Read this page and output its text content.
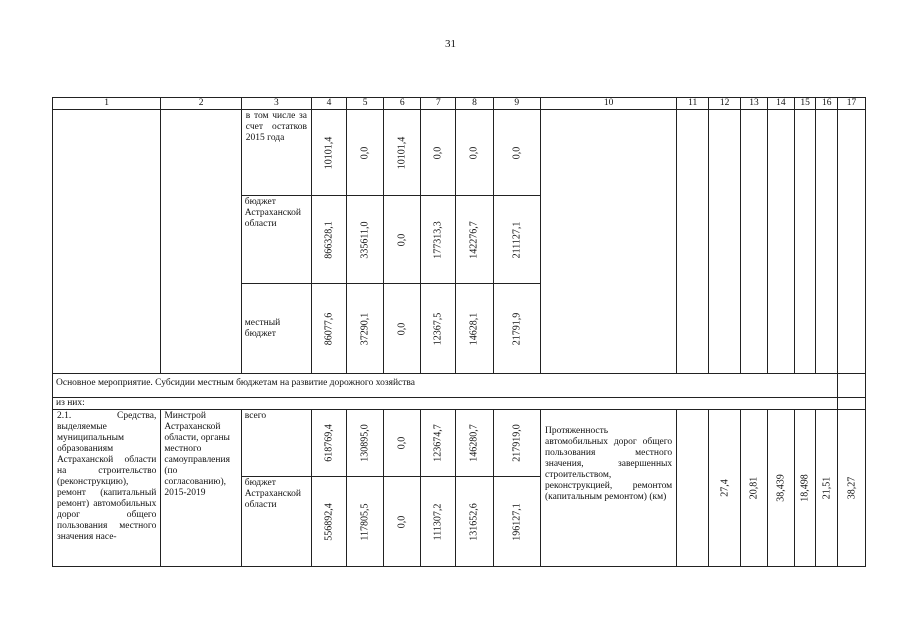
31
1	2	3	4	5	6	7	8	9	10	11	12	13	14	15	16	17
		в том числе за счет остатков 2015 года	10101,4	0,0	10101,4	0,0	0,0	0,0								

		бюджет Астраханской области	866328,1	335611,0	0,0	177313,3	142276,7	211127,1								

		местный бюджет	86077,6	37290,1	0,0	12367,5	14628,1	21791,9								

Основное мероприятие. Субсидии местным бюджетам на развитие дорожного хозяйства																
из них:																
2.1. Средства, выделяемые муниципальным образованиям Астраханской области на строительство (реконструкцию), ремонт (капитальный ремонт) автомобильных дорог общего пользования местного значения насе-	Минстрой Астраханской области, органы местного самоуправления (по согласованию), 2015-2019	всего	618769,4	130895,0	0,0	123674,7	146280,7	217919,0	Протяженность автомобильных дорог общего пользования местного значения, завершенных строительством, реконструкцией, ремонтом (капитальным ремонтом) (км)		27,4	20,81	38,439	18,498	21,51	38,27

		бюджет Астраханской области	556892,4	117805,5	0,0	111307,2	131652,6	196127,1								
